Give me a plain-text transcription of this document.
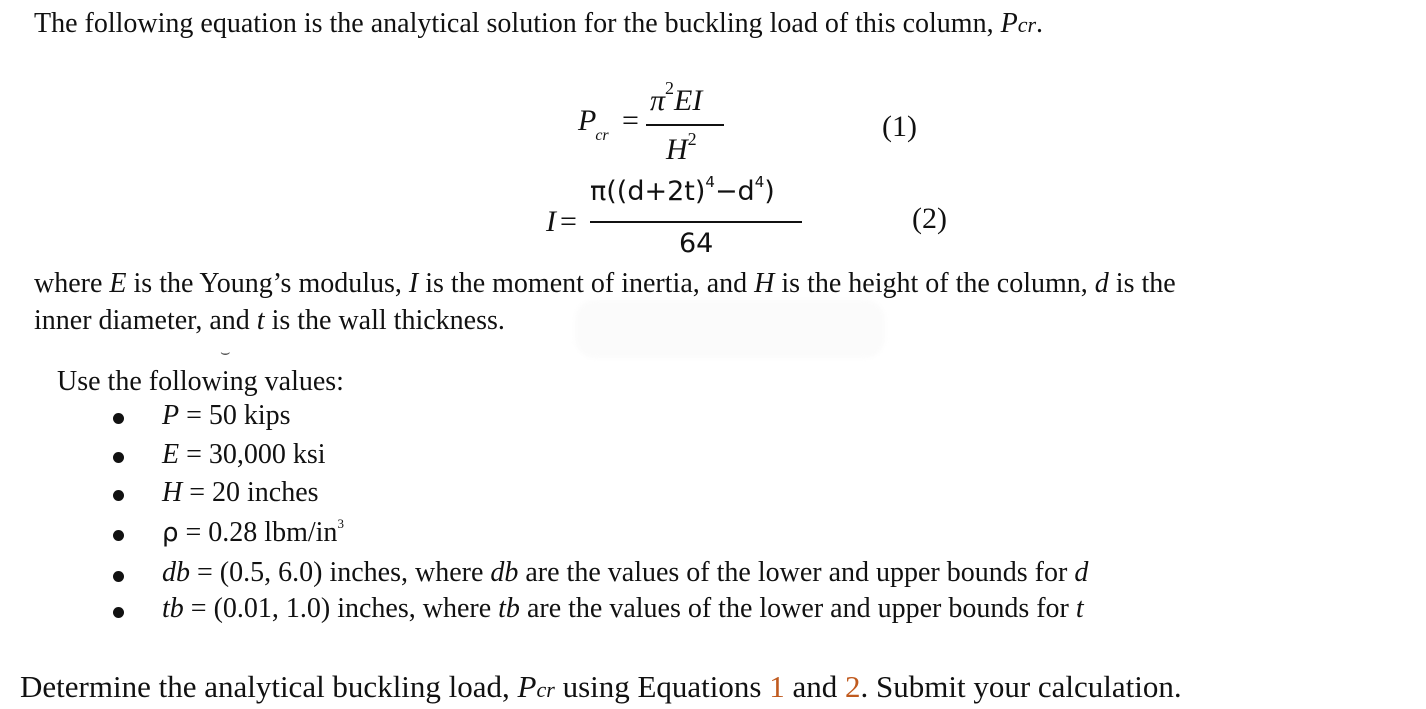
The following equation is the analytical solution for the buckling load of this column, Pcr.
$P_{cr}$ =
$\pi^2EI$
$H^2$	(1)
I =
$\pi((d+2t)^4-d^4)$
64
(2)
where E is the Young’s modulus, I is the moment of inertia, and H is the height of the column, d is the
inner diameter, and t is the wall thickness.
⌣
Use the following values:
P = 50 kips
E = 30,000 ksi
H = 20 inches
ρ = 0.28 lbm/$in^3$
db = (0.5, 6.0) inches, where db are the values of the lower and upper bounds for d
tb = (0.01, 1.0) inches, where tb are the values of the lower and upper bounds for t
Determine the analytical buckling load, Pcr using Equations 1 and 2. Submit your calculation.
